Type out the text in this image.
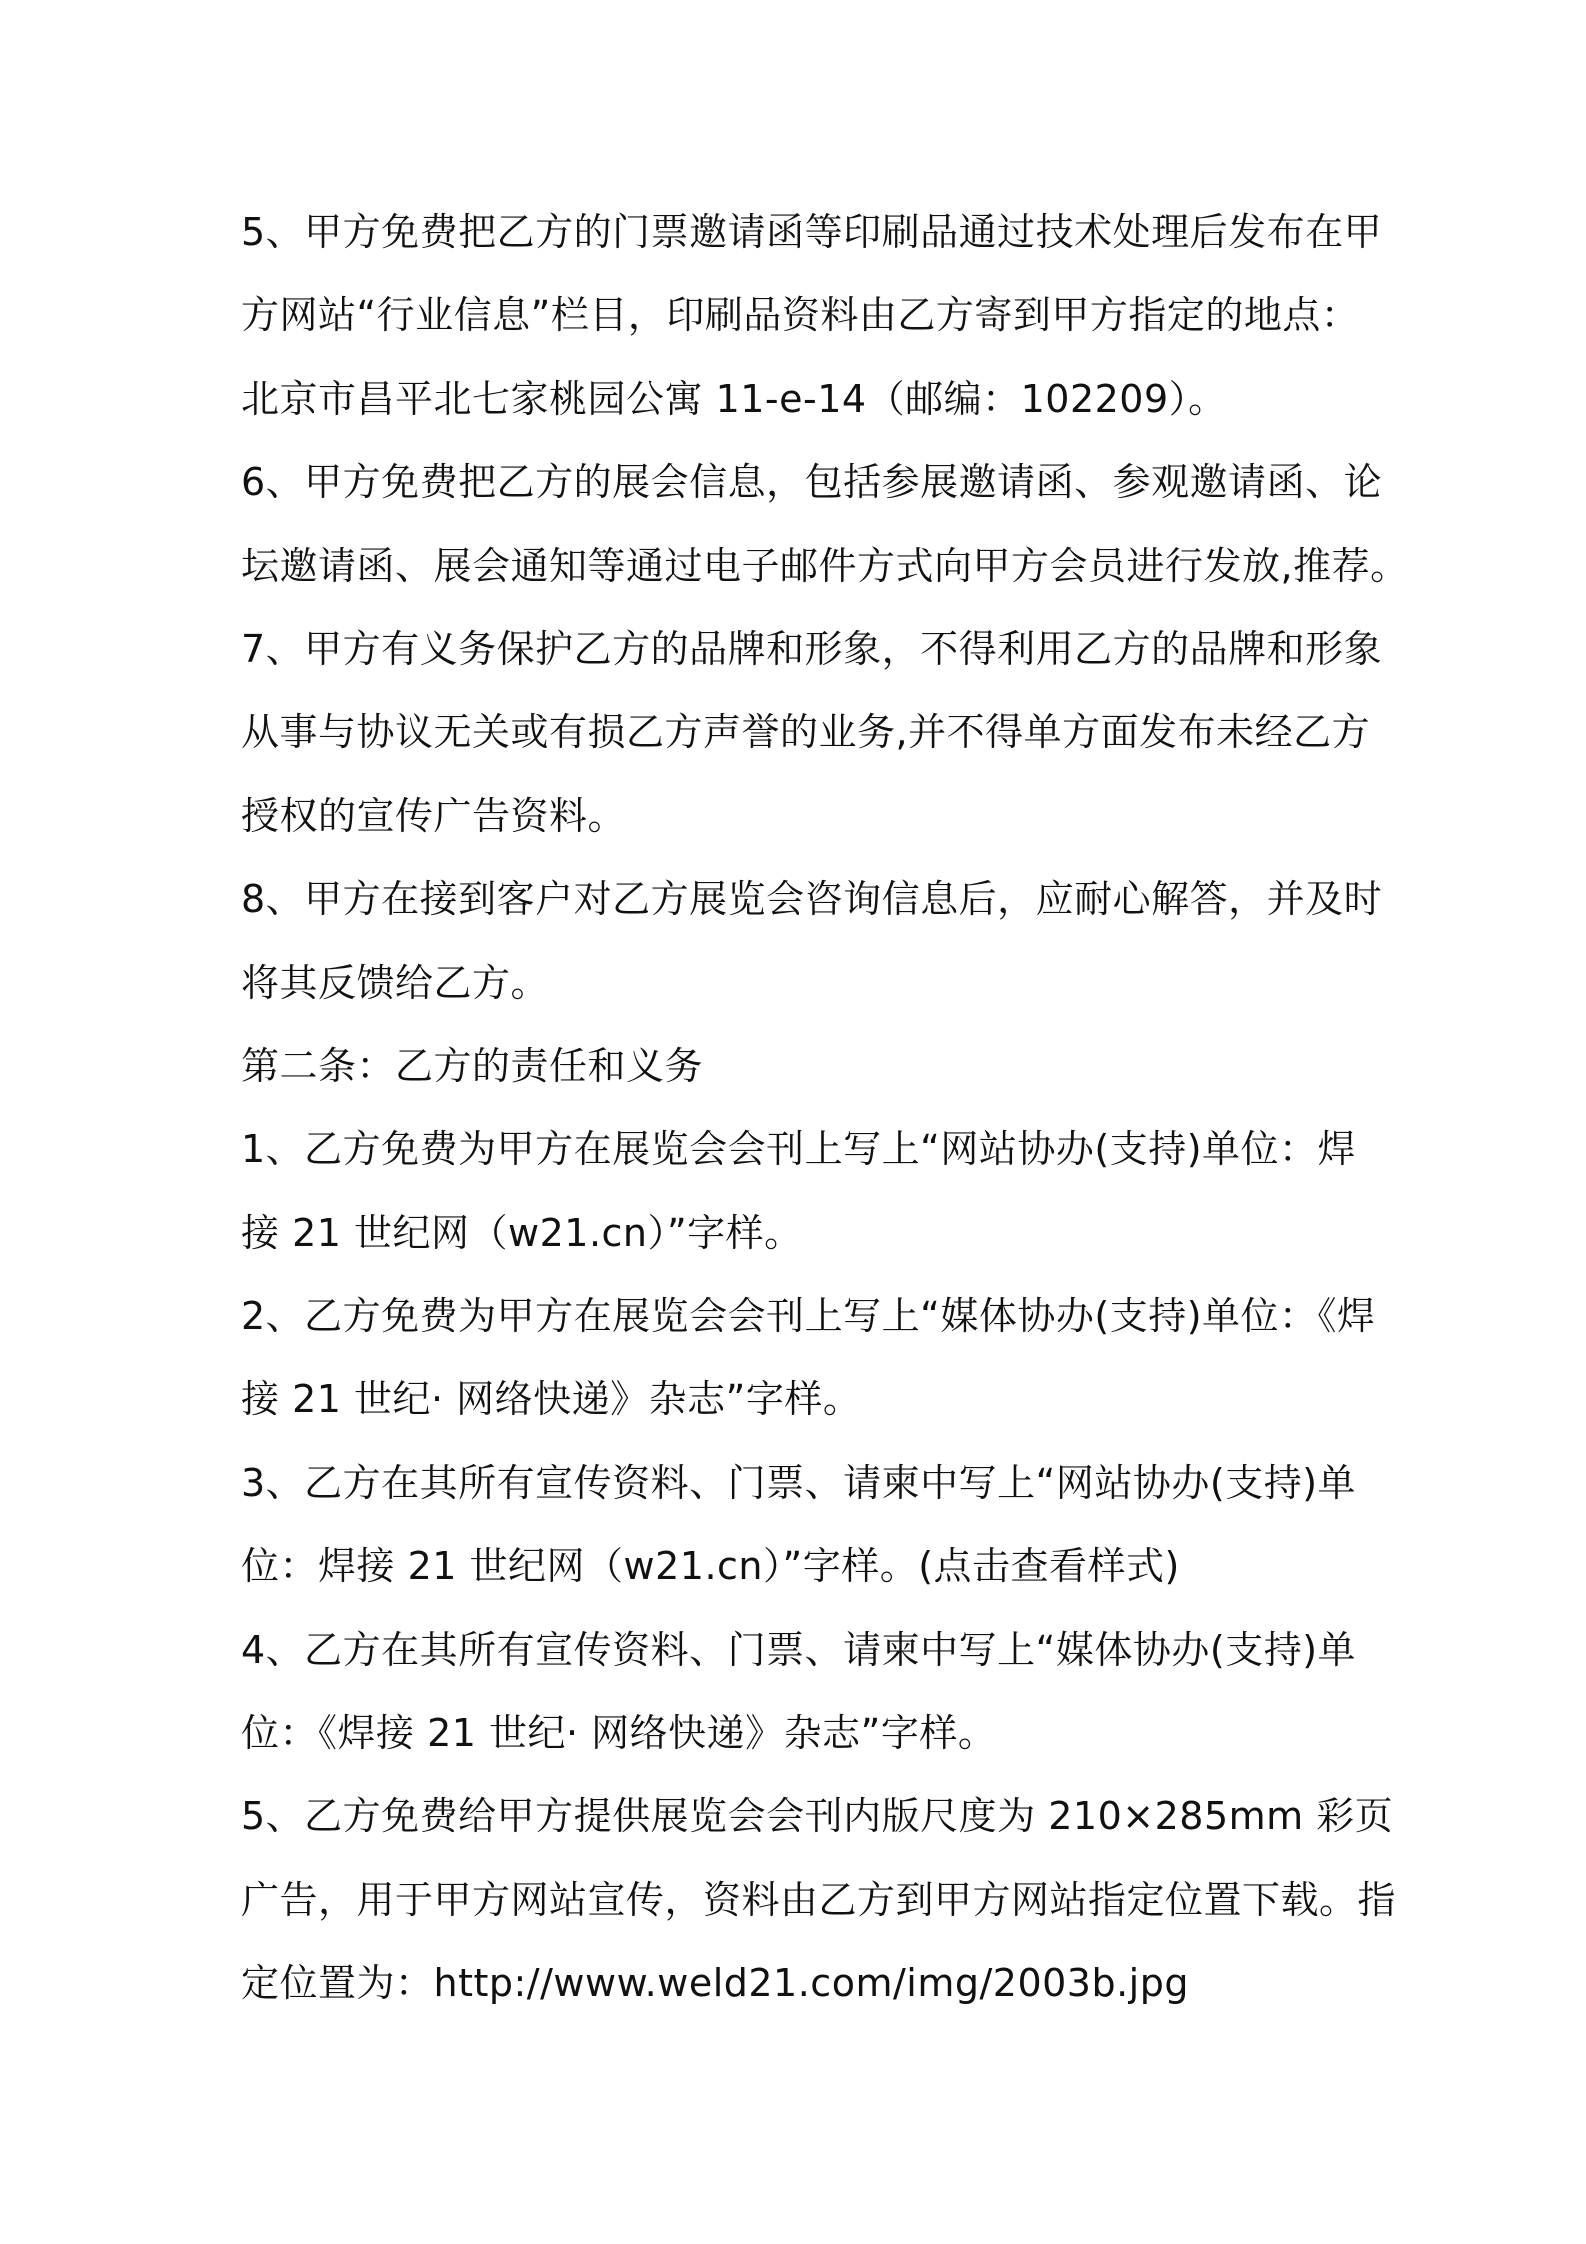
5、甲方免费把乙方的门票邀请函等印刷品通过技术处理后发布在甲
方网站“行业信息”栏目，印刷品资料由乙方寄到甲方指定的地点：
北京市昌平北七家桃园公寓 11-e-14（邮编：102209）。
6、甲方免费把乙方的展会信息，包括参展邀请函、参观邀请函、论
坛邀请函、展会通知等通过电子邮件方式向甲方会员进行发放,推荐。
7、甲方有义务保护乙方的品牌和形象，不得利用乙方的品牌和形象
从事与协议无关或有损乙方声誉的业务,并不得单方面发布未经乙方
授权的宣传广告资料。
8、甲方在接到客户对乙方展览会咨询信息后，应耐心解答，并及时
将其反馈给乙方。
第二条：乙方的责任和义务
1、乙方免费为甲方在展览会会刊上写上“网站协办(支持)单位：焊
接 21 世纪网（w21.cn）”字样。
2、乙方免费为甲方在展览会会刊上写上“媒体协办(支持)单位：《焊
接 21 世纪· 网络快递》杂志”字样。
3、乙方在其所有宣传资料、门票、请柬中写上“网站协办(支持)单
位：焊接 21 世纪网（w21.cn）”字样。(点击查看样式)
4、乙方在其所有宣传资料、门票、请柬中写上“媒体协办(支持)单
位：《焊接 21 世纪· 网络快递》杂志”字样。
5、乙方免费给甲方提供展览会会刊内版尺度为 210×285mm 彩页
广告，用于甲方网站宣传，资料由乙方到甲方网站指定位置下载。指
定位置为：http://www.weld21.com/img/2003b.jpg
